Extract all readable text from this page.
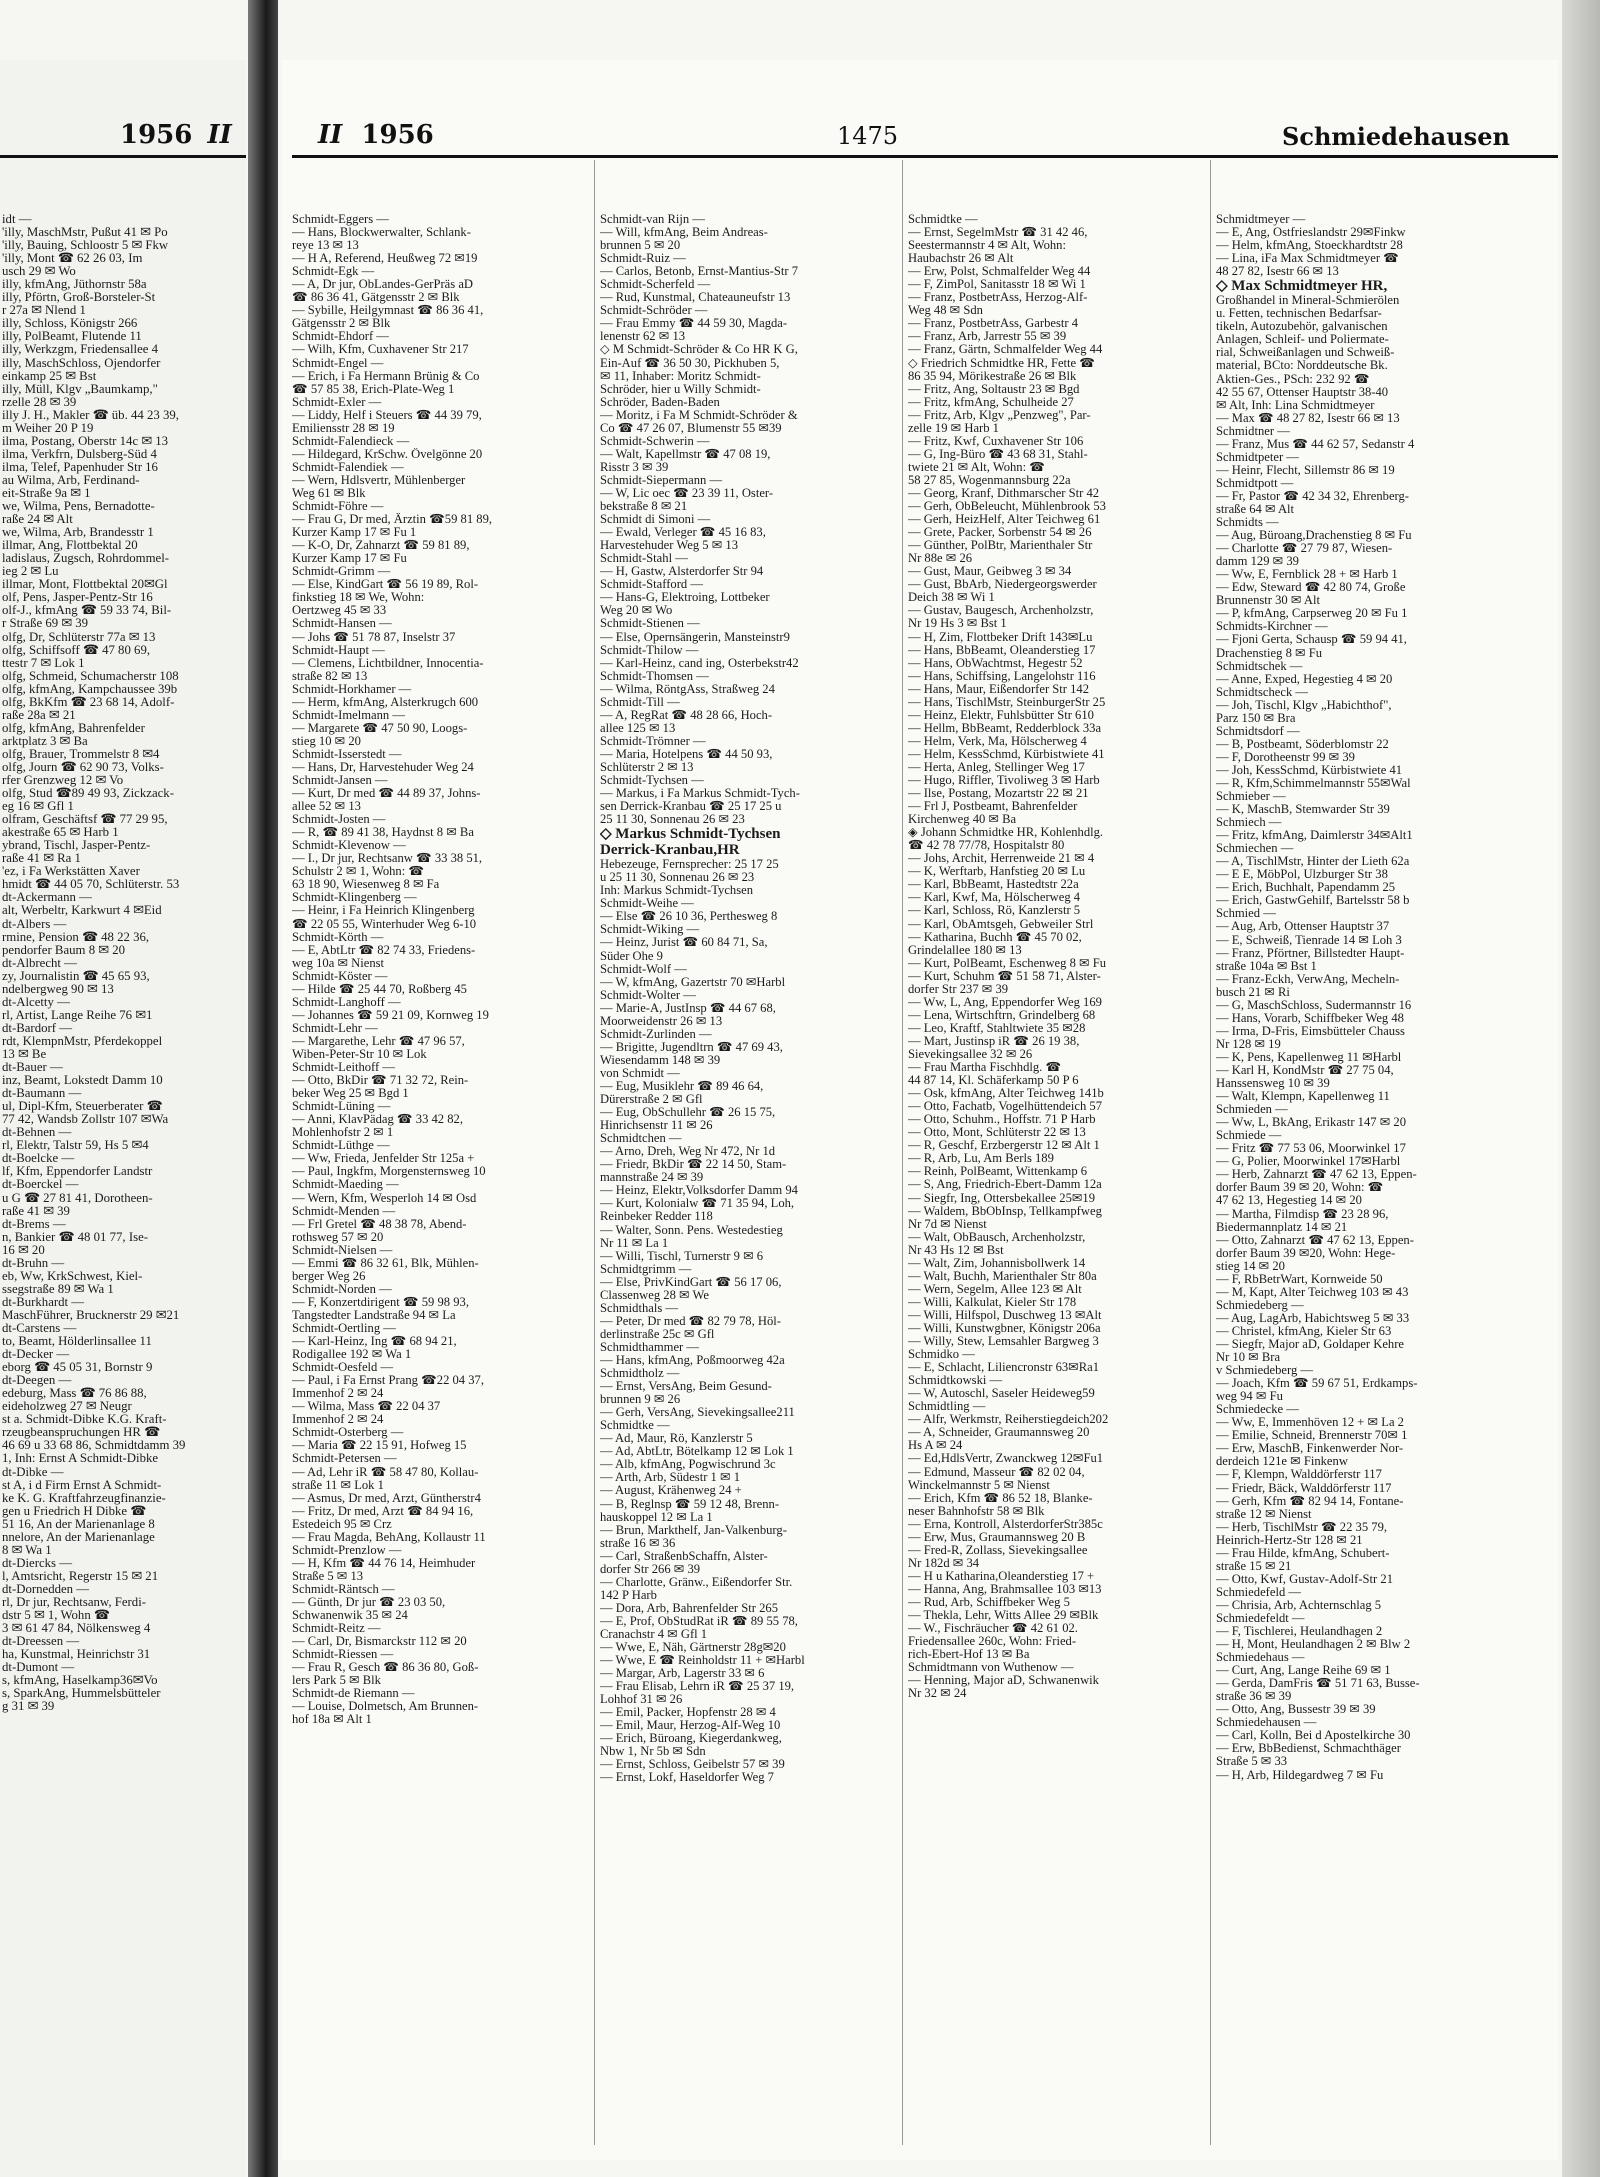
1956 II
idt —
'illy, MaschMstr, Pußut 41 ✉ Po
'illy, Bauing, Schloostr 5 ✉ Fkw
'illy, Mont ☎ 62 26 03, Im
usch 29 ✉ Wo
illy, kfmAng, Jüthornstr 58a
illy, Pförtn, Groß-Borsteler-St
r 27a ✉ Nlend 1
illy, Schloss, Königstr 266
illy, PolBeamt, Flutende 11
illy, Werkzgm, Friedensallee 4
illy, MaschSchloss, Ojendorfer
einkamp 25 ✉ Bst
illy, Müll, Klgv „Baumkamp,"
rzelle 28 ✉ 39
illy J. H., Makler ☎ üb. 44 23 39,
m Weiher 20 P 19
ilma, Postang, Oberstr 14c ✉ 13
ilma, Verkfrn, Dulsberg-Süd 4
ilma, Telef, Papenhuder Str 16
au Wilma, Arb, Ferdinand-
eit-Straße 9a ✉ 1
we, Wilma, Pens, Bernadotte-
raße 24 ✉ Alt
we, Wilma, Arb, Brandesstr 1
illmar, Ang, Flottbektal 20
ladislaus, Zugsch, Rohrdommel-
ieg 2 ✉ Lu
illmar, Mont, Flottbektal 20✉Gl
olf, Pens, Jasper-Pentz-Str 16
olf-J., kfmAng ☎ 59 33 74, Bil-
r Straße 69 ✉ 39
olfg, Dr, Schlüterstr 77a ✉ 13
olfg, Schiffsoff ☎ 47 80 69,
ttestr 7 ✉ Lok 1
olfg, Schmeid, Schumacherstr 108
olfg, kfmAng, Kampchaussee 39b
olfg, BkKfm ☎ 23 68 14, Adolf-
raße 28a ✉ 21
olfg, kfmAng, Bahrenfelder
arktplatz 3 ✉ Ba
olfg, Brauer, Trommelstr 8 ✉4
olfg, Journ ☎ 62 90 73, Volks-
rfer Grenzweg 12 ✉ Vo
olfg, Stud ☎89 49 93, Zickzack-
eg 16 ✉ Gfl 1
olfram, Geschäftsf ☎ 77 29 95,
akestraße 65 ✉ Harb 1
ybrand, Tischl, Jasper-Pentz-
raße 41 ✉ Ra 1
'ez, i Fa Werkstätten Xaver
hmidt ☎ 44 05 70, Schlüterstr. 53
dt-Ackermann —
alt, Werbeltr, Karkwurt 4 ✉Eid
dt-Albers —
rmine, Pension ☎ 48 22 36,
pendorfer Baum 8 ✉ 20
dt-Albrecht —
zy, Journalistin ☎ 45 65 93,
ndelbergweg 90 ✉ 13
dt-Alcetty —
rl, Artist, Lange Reihe 76 ✉1
dt-Bardorf —
rdt, KlempnMstr, Pferdekoppel
13 ✉ Be
dt-Bauer —
inz, Beamt, Lokstedt Damm 10
dt-Baumann —
ul, Dipl-Kfm, Steuerberater ☎
77 42, Wandsb Zollstr 107 ✉Wa
dt-Behnen —
rl, Elektr, Talstr 59, Hs 5 ✉4
dt-Boelcke —
lf, Kfm, Eppendorfer Landstr
dt-Boerckel —
u G ☎ 27 81 41, Dorotheen-
raße 41 ✉ 39
dt-Brems —
n, Bankier ☎ 48 01 77, Ise-
16 ✉ 20
dt-Bruhn —
eb, Ww, KrkSchwest, Kiel-
ssegstraße 89 ✉ Wa 1
dt-Burkhardt —
MaschFührer, Brucknerstr 29 ✉21
dt-Carstens —
to, Beamt, Hölderlinsallee 11
dt-Decker —
eborg ☎ 45 05 31, Bornstr 9
dt-Deegen —
edeburg, Mass ☎ 76 86 88,
eideholzweg 27 ✉ Neugr
st a. Schmidt-Dibke K.G. Kraft-
rzeugbeanspruchungen HR ☎
46 69 u 33 68 86, Schmidtdamm 39
1, Inh: Ernst A Schmidt-Dibke
dt-Dibke —
st A, i d Firm Ernst A Schmidt-
ke K. G. Kraftfahrzeugfinanzie-
gen u Friedrich H Dibke ☎
51 16, An der Marienanlage 8
nnelore, An der Marienanlage
8 ✉ Wa 1
dt-Diercks —
l, Amtsricht, Regerstr 15 ✉ 21
dt-Dornedden —
rl, Dr jur, Rechtsanw, Ferdi-
dstr 5 ✉ 1, Wohn ☎
3 ✉ 61 47 84, Nölkensweg 4
dt-Dreessen —
ha, Kunstmal, Heinrichstr 31
dt-Dumont —
s, kfmAng, Haselkamp36✉Vo
s, SparkAng, Hummelsbütteler
g 31 ✉ 39
II 1956	1475	Schmiedehausen
Schmidt-Eggers —
— Hans, Blockwerwalter, Schlank-
reye 13 ✉ 13
— H A, Referend, Heußweg 72 ✉19
Schmidt-Egk —
— A, Dr jur, ObLandes-GerPräs aD
☎ 86 36 41, Gätgensstr 2 ✉ Blk
— Sybille, Heilgymnast ☎ 86 36 41,
Gätgensstr 2 ✉ Blk
Schmidt-Ehdorf —
— Wilh, Kfm, Cuxhavener Str 217
Schmidt-Engel —
— Erich, i Fa Hermann Brünig & Co
☎ 57 85 38, Erich-Plate-Weg 1
Schmidt-Exler —
— Liddy, Helf i Steuers ☎ 44 39 79,
Emiliensstr 28 ✉ 19
Schmidt-Falendieck —
— Hildegard, KrSchw. Övelgönne 20
Schmidt-Falendiek —
— Wern, Hdlsvertr, Mühlenberger
Weg 61 ✉ Blk
Schmidt-Föhre —
— Frau G, Dr med, Ärztin ☎59 81 89,
Kurzer Kamp 17 ✉ Fu 1
— K-O, Dr, Zahnarzt ☎ 59 81 89,
Kurzer Kamp 17 ✉ Fu
Schmidt-Grimm —
— Else, KindGart ☎ 56 19 89, Rol-
finkstieg 18 ✉ We, Wohn:
Oertzweg 45 ✉ 33
Schmidt-Hansen —
— Johs ☎ 51 78 87, Inselstr 37
Schmidt-Haupt —
— Clemens, Lichtbildner, Innocentia-
straße 82 ✉ 13
Schmidt-Horkhamer —
— Herm, kfmAng, Alsterkrugch 600
Schmidt-Imelmann —
— Margarete ☎ 47 50 90, Loogs-
stieg 10 ✉ 20
Schmidt-Isserstedt —
— Hans, Dr, Harvestehuder Weg 24
Schmidt-Jansen —
— Kurt, Dr med ☎ 44 89 37, Johns-
allee 52 ✉ 13
Schmidt-Josten —
— R, ☎ 89 41 38, Haydnst 8 ✉ Ba
Schmidt-Klevenow —
— I., Dr jur, Rechtsanw ☎ 33 38 51,
Schulstr 2 ✉ 1, Wohn: ☎
63 18 90, Wiesenweg 8 ✉ Fa
Schmidt-Klingenberg —
— Heinr, i Fa Heinrich Klingenberg
☎ 22 05 55, Winterhuder Weg 6-10
Schmidt-Körth —
— E, AbtLtr ☎ 82 74 33, Friedens-
weg 10a ✉ Nienst
Schmidt-Köster —
— Hilde ☎ 25 44 70, Roßberg 45
Schmidt-Langhoff —
— Johannes ☎ 59 21 09, Kornweg 19
Schmidt-Lehr —
— Margarethe, Lehr ☎ 47 96 57,
Wiben-Peter-Str 10 ✉ Lok
Schmidt-Leithoff —
— Otto, BkDir ☎ 71 32 72, Rein-
beker Weg 25 ✉ Bgd 1
Schmidt-Lüning —
— Anni, KlavPädag ☎ 33 42 82,
Mohlenhofstr 2 ✉ 1
Schmidt-Lüthge —
— Ww, Frieda, Jenfelder Str 125a +
— Paul, Ingkfm, Morgensternsweg 10
Schmidt-Maeding —
— Wern, Kfm, Wesperloh 14 ✉ Osd
Schmidt-Menden —
— Frl Gretel ☎ 48 38 78, Abend-
rothsweg 57 ✉ 20
Schmidt-Nielsen —
— Emmi ☎ 86 32 61, Blk, Mühlen-
berger Weg 26
Schmidt-Norden —
— F, Konzertdirigent ☎ 59 98 93,
Tangstedter Landstraße 94 ✉ La
Schmidt-Oertling —
— Karl-Heinz, Ing ☎ 68 94 21,
Rodigallee 192 ✉ Wa 1
Schmidt-Oesfeld —
— Paul, i Fa Ernst Prang ☎22 04 37,
Immenhof 2 ✉ 24
— Wilma, Mass ☎ 22 04 37
Immenhof 2 ✉ 24
Schmidt-Osterberg —
— Maria ☎ 22 15 91, Hofweg 15
Schmidt-Petersen —
— Ad, Lehr iR ☎ 58 47 80, Kollau-
straße 11 ✉ Lok 1
— Asmus, Dr med, Arzt, Güntherstr4
— Fritz, Dr med, Arzt ☎ 84 94 16,
Estedeich 95 ✉ Crz
— Frau Magda, BehAng, Kollaustr 11
Schmidt-Prenzlow —
— H, Kfm ☎ 44 76 14, Heimhuder
Straße 5 ✉ 13
Schmidt-Räntsch —
— Günth, Dr jur ☎ 23 03 50,
Schwanenwik 35 ✉ 24
Schmidt-Reitz —
— Carl, Dr, Bismarckstr 112 ✉ 20
Schmidt-Riessen —
— Frau R, Gesch ☎ 86 36 80, Goß-
lers Park 5 ✉ Blk
Schmidt-de Riemann —
— Louise, Dolmetsch, Am Brunnen-
hof 18a ✉ Alt 1
Schmidt-van Rijn —
— Will, kfmAng, Beim Andreas-
brunnen 5 ✉ 20
Schmidt-Ruiz —
— Carlos, Betonb, Ernst-Mantius-Str 7
Schmidt-Scherfeld —
— Rud, Kunstmal, Chateauneufstr 13
Schmidt-Schröder —
— Frau Emmy ☎ 44 59 30, Magda-
lenenstr 62 ✉ 13
◇ M Schmidt-Schröder & Co HR K G,
Ein-Auf ☎ 36 50 30, Pickhuben 5,
✉ 11, Inhaber: Moritz Schmidt-
Schröder, hier u Willy Schmidt-
Schröder, Baden-Baden
— Moritz, i Fa M Schmidt-Schröder &
Co ☎ 47 26 07, Blumenstr 55 ✉39
Schmidt-Schwerin —
— Walt, Kapellmstr ☎ 47 08 19,
Risstr 3 ✉ 39
Schmidt-Siepermann —
— W, Lic oec ☎ 23 39 11, Oster-
bekstraße 8 ✉ 21
Schmidt di Simoni —
— Ewald, Verleger ☎ 45 16 83,
Harvestehuder Weg 5 ✉ 13
Schmidt-Stahl —
— H, Gastw, Alsterdorfer Str 94
Schmidt-Stafford —
— Hans-G, Elektroing, Lottbeker
Weg 20 ✉ Wo
Schmidt-Stienen —
— Else, Opernsängerin, Mansteinstr9
Schmidt-Thilow —
— Karl-Heinz, cand ing, Osterbekstr42
Schmidt-Thomsen —
— Wilma, RöntgAss, Straßweg 24
Schmidt-Till —
— A, RegRat ☎ 48 28 66, Hoch-
allee 125 ✉ 13
Schmidt-Trömner —
— Maria, Hotelpens ☎ 44 50 93,
Schlüterstr 2 ✉ 13
Schmidt-Tychsen —
— Markus, i Fa Markus Schmidt-Tych-
sen Derrick-Kranbau ☎ 25 17 25 u
25 11 30, Sonnenau 26 ✉ 23
◇ Markus Schmidt-Tychsen
Derrick-Kranbau,HR
Hebezeuge, Fernsprecher: 25 17 25
u 25 11 30, Sonnenau 26 ✉ 23
Inh: Markus Schmidt-Tychsen
Schmidt-Weihe —
— Else ☎ 26 10 36, Perthesweg 8
Schmidt-Wiking —
— Heinz, Jurist ☎ 60 84 71, Sa,
Süder Ohe 9
Schmidt-Wolf —
— W, kfmAng, Gazertstr 70 ✉Harbl
Schmidt-Wolter —
— Marie-A, JustInsp ☎ 44 67 68,
Moorweidenstr 26 ✉ 13
Schmidt-Zurlinden —
— Brigitte, Jugendltrn ☎ 47 69 43,
Wiesendamm 148 ✉ 39
von Schmidt —
— Eug, Musiklehr ☎ 89 46 64,
Dürerstraße 2 ✉ Gfl
— Eug, ObSchullehr ☎ 26 15 75,
Hinrichsenstr 11 ✉ 26
Schmidtchen —
— Arno, Dreh, Weg Nr 472, Nr 1d
— Friedr, BkDir ☎ 22 14 50, Stam-
mannstraße 24 ✉ 39
— Heinz, Elektr,Volksdorfer Damm 94
— Kurt, Kolonialw ☎ 71 35 94, Loh,
Reinbeker Redder 118
— Walter, Sonn. Pens. Westedestieg
Nr 11 ✉ La 1
— Willi, Tischl, Turnerstr 9 ✉ 6
Schmidtgrimm —
— Else, PrivKindGart ☎ 56 17 06,
Classenweg 28 ✉ We
Schmidthals —
— Peter, Dr med ☎ 82 79 78, Höl-
derlinstraße 25c ✉ Gfl
Schmidthammer —
— Hans, kfmAng, Poßmoorweg 42a
Schmidtholz —
— Ernst, VersAng, Beim Gesund-
brunnen 9 ✉ 26
— Gerh, VersAng, Sievekingsallee211
Schmidtke —
— Ad, Maur, Rö, Kanzlerstr 5
— Ad, AbtLtr, Bötelkamp 12 ✉ Lok 1
— Alb, kfmAng, Pogwischrund 3c
— Arth, Arb, Südestr 1 ✉ 1
— August, Krähenweg 24 +
— B, Reglnsp ☎ 59 12 48, Brenn-
hauskoppel 12 ✉ La 1
— Brun, Markthelf, Jan-Valkenburg-
straße 16 ✉ 36
— Carl, StraßenbSchaffn, Alster-
dorfer Str 266 ✉ 39
— Charlotte, Gränw., Eißendorfer Str.
142 P Harb
— Dora, Arb, Bahrenfelder Str 265
— E, Prof, ObStudRat iR ☎ 89 55 78,
Cranachstr 4 ✉ Gfl 1
— Wwe, E, Näh, Gärtnerstr 28g✉20
— Wwe, E ☎ Reinholdstr 11 + ✉Harbl
— Margar, Arb, Lagerstr 33 ✉ 6
— Frau Elisab, Lehrn iR ☎ 25 37 19,
Lohhof 31 ✉ 26
— Emil, Packer, Hopfenstr 28 ✉ 4
— Emil, Maur, Herzog-Alf-Weg 10
— Erich, Büroang, Kiegerdankweg,
Nbw 1, Nr 5b ✉ Sdn
— Ernst, Schloss, Geibelstr 57 ✉ 39
— Ernst, Lokf, Haseldorfer Weg 7
Schmidtke —
— Ernst, SegelmMstr ☎ 31 42 46,
Seestermannstr 4 ✉ Alt, Wohn:
Haubachstr 26 ✉ Alt
— Erw, Polst, Schmalfelder Weg 44
— F, ZimPol, Sanitasstr 18 ✉ Wi 1
— Franz, PostbetrAss, Herzog-Alf-
Weg 48 ✉ Sdn
— Franz, PostbetrAss, Garbestr 4
— Franz, Arb, Jarrestr 55 ✉ 39
— Franz, Gärtn, Schmalfelder Weg 44
◇ Friedrich Schmidtke HR, Fette ☎
86 35 94, Mörikestraße 26 ✉ Blk
— Fritz, Ang, Soltaustr 23 ✉ Bgd
— Fritz, kfmAng, Schulheide 27
— Fritz, Arb, Klgv „Penzweg", Par-
zelle 19 ✉ Harb 1
— Fritz, Kwf, Cuxhavener Str 106
— G, Ing-Büro ☎ 43 68 31, Stahl-
twiete 21 ✉ Alt, Wohn: ☎
58 27 85, Wogenmannsburg 22a
— Georg, Kranf, Dithmarscher Str 42
— Gerh, ObBeleucht, Mühlenbrook 53
— Gerh, HeizHelf, Alter Teichweg 61
— Grete, Packer, Sorbenstr 54 ✉ 26
— Günther, PolBtr, Marienthaler Str
Nr 88e ✉ 26
— Gust, Maur, Geibweg 3 ✉ 34
— Gust, BbArb, Niedergeorgswerder
Deich 38 ✉ Wi 1
— Gustav, Baugesch, Archenholzstr,
Nr 19 Hs 3 ✉ Bst 1
— H, Zim, Flottbeker Drift 143✉Lu
— Hans, BbBeamt, Oleanderstieg 17
— Hans, ObWachtmst, Hegestr 52
— Hans, Schiffsing, Langelohstr 116
— Hans, Maur, Eißendorfer Str 142
— Hans, TischlMstr, SteinburgerStr 25
— Heinz, Elektr, Fuhlsbütter Str 610
— Hellm, BbBeamt, Redderblock 33a
— Helm, Verk, Ma, Hölscherweg 4
— Helm, KessSchmd, Kürbistwiete 41
— Herta, Anleg, Stellinger Weg 17
— Hugo, Riffler, Tivoliweg 3 ✉ Harb
— Ilse, Postang, Mozartstr 22 ✉ 21
— Frl J, Postbeamt, Bahrenfelder
Kirchenweg 40 ✉ Ba
◈ Johann Schmidtke HR, Kohlenhdlg.
☎ 42 78 77/78, Hospitalstr 80
— Johs, Archit, Herrenweide 21 ✉ 4
— K, Werftarb, Hanfstieg 20 ✉ Lu
— Karl, BbBeamt, Hastedtstr 22a
— Karl, Kwf, Ma, Hölscherweg 4
— Karl, Schloss, Rö, Kanzlerstr 5
— Karl, ObAmtsgeh, Gebweiler Strl
— Katharina, Buchh ☎ 45 70 02,
Grindelallee 180 ✉ 13
— Kurt, PolBeamt, Eschenweg 8 ✉ Fu
— Kurt, Schuhm ☎ 51 58 71, Alster-
dorfer Str 237 ✉ 39
— Ww, L, Ang, Eppendorfer Weg 169
— Lena, Wirtschftrn, Grindelberg 68
— Leo, Kraftf, Stahltwiete 35 ✉28
— Mart, Justinsp iR ☎ 26 19 38,
Sievekingsallee 32 ✉ 26
— Frau Martha Fischhdlg. ☎
44 87 14, Kl. Schäferkamp 50 P 6
— Osk, kfmAng, Alter Teichweg 141b
— Otto, Fachatb, Vogelhüttendeich 57
— Otto, Schuhm., Hoffstr. 71 P Harb
— Otto, Mont, Schlüterstr 22 ✉ 13
— R, Geschf, Erzbergerstr 12 ✉ Alt 1
— R, Arb, Lu, Am Berls 189
— Reinh, PolBeamt, Wittenkamp 6
— S, Ang, Friedrich-Ebert-Damm 12a
— Siegfr, Ing, Ottersbekallee 25✉19
— Waldem, BbObInsp, Tellkampfweg
Nr 7d ✉ Nienst
— Walt, ObBausch, Archenholzstr,
Nr 43 Hs 12 ✉ Bst
— Walt, Zim, Johannisbollwerk 14
— Walt, Buchh, Marienthaler Str 80a
— Wern, Segelm, Allee 123 ✉ Alt
— Willi, Kalkulat, Kieler Str 178
— Willi, Hilfspol, Duschweg 13 ✉Alt
— Willi, Kunstwgbner, Königstr 206a
— Willy, Stew, Lemsahler Bargweg 3
Schmidko —
— E, Schlacht, Liliencronstr 63✉Ra1
Schmidtkowski —
— W, Autoschl, Saseler Heideweg59
Schmidtling —
— Alfr, Werkmstr, Reiherstiegdeich202
— A, Schneider, Graumannsweg 20
Hs A ✉ 24
— Ed,HdlsVertr, Zwanckweg 12✉Fu1
— Edmund, Masseur ☎ 82 02 04,
Winckelmannstr 5 ✉ Nienst
— Erich, Kfm ☎ 86 52 18, Blanke-
neser Bahnhofstr 58 ✉ Blk
— Erna, Kontroll, AlsterdorferStr385c
— Erw, Mus, Graumannsweg 20 B
— Fred-R, Zollass, Sievekingsallee
Nr 182d ✉ 34
— H u Katharina,Oleanderstieg 17 +
— Hanna, Ang, Brahmsallee 103 ✉13
— Rud, Arb, Schiffbeker Weg 5
— Thekla, Lehr, Witts Allee 29 ✉Blk
— W., Fischräucher ☎ 42 61 02.
Friedensallee 260c, Wohn: Fried-
rich-Ebert-Hof 13 ✉ Ba
Schmidtmann von Wuthenow —
— Henning, Major aD, Schwanenwik
Nr 32 ✉ 24
Schmidtmeyer —
— E, Ang, Ostfrieslandstr 29✉Finkw
— Helm, kfmAng, Stoeckhardtstr 28
— Lina, iFa Max Schmidtmeyer ☎
48 27 82, Isestr 66 ✉ 13
◇ Max Schmidtmeyer HR,
Großhandel in Mineral-Schmierölen
u. Fetten, technischen Bedarfsar-
tikeln, Autozubehör, galvanischen
Anlagen, Schleif- und Poliermate-
rial, Schweißanlagen und Schweiß-
material, BCto: Norddeutsche Bk.
Aktien-Ges., PSch: 232 92 ☎
42 55 67, Ottenser Hauptstr 38-40
✉ Alt, Inh: Lina Schmidtmeyer
— Max ☎ 48 27 82, Isestr 66 ✉ 13
Schmidtner —
— Franz, Mus ☎ 44 62 57, Sedanstr 4
Schmidtpeter —
— Heinr, Flecht, Sillemstr 86 ✉ 19
Schmidtpott —
— Fr, Pastor ☎ 42 34 32, Ehrenberg-
straße 64 ✉ Alt
Schmidts —
— Aug, Büroang,Drachenstieg 8 ✉ Fu
— Charlotte ☎ 27 79 87, Wiesen-
damm 129 ✉ 39
— Ww, E, Fernblick 28 + ✉ Harb 1
— Edw, Steward ☎ 42 80 74, Große
Brunnenstr 30 ✉ Alt
— P, kfmAng, Carpserweg 20 ✉ Fu 1
Schmidts-Kirchner —
— Fjoni Gerta, Schausp ☎ 59 94 41,
Drachenstieg 8 ✉ Fu
Schmidtschek —
— Anne, Exped, Hegestieg 4 ✉ 20
Schmidtscheck —
— Joh, Tischl, Klgv „Habichthof",
Parz 150 ✉ Bra
Schmidtsdorf —
— B, Postbeamt, Söderblomstr 22
— F, Dorotheenstr 99 ✉ 39
— Joh, KessSchmd, Kürbistwiete 41
— R, Kfm,Schimmelmannstr 55✉Wal
Schmieber —
— K, MaschB, Stemwarder Str 39
Schmiech —
— Fritz, kfmAng, Daimlerstr 34✉Alt1
Schmiechen —
— A, TischlMstr, Hinter der Lieth 62a
— E E, MöbPol, Ulzburger Str 38
— Erich, Buchhalt, Papendamm 25
— Erich, GastwGehilf, Bartelsstr 58 b
Schmied —
— Aug, Arb, Ottenser Hauptstr 37
— E, Schweiß, Tienrade 14 ✉ Loh 3
— Franz, Pförtner, Billstedter Haupt-
straße 104a ✉ Bst 1
— Franz-Eckh, VerwAng, Mecheln-
busch 21 ✉ Ri
— G, MaschSchloss, Sudermannstr 16
— Hans, Vorarb, Schiffbeker Weg 48
— Irma, D-Fris, Eimsbütteler Chauss
Nr 128 ✉ 19
— K, Pens, Kapellenweg 11 ✉Harbl
— Karl H, KondMstr ☎ 27 75 04,
Hanssensweg 10 ✉ 39
— Walt, Klempn, Kapellenweg 11
Schmieden —
— Ww, L, BkAng, Erikastr 147 ✉ 20
Schmiede —
— Fritz ☎ 77 53 06, Moorwinkel 17
— G, Polier, Moorwinkel 17✉Harbl
— Herb, Zahnarzt ☎ 47 62 13, Eppen-
dorfer Baum 39 ✉ 20, Wohn: ☎
47 62 13, Hegestieg 14 ✉ 20
— Martha, Filmdisp ☎ 23 28 96,
Biedermannplatz 14 ✉ 21
— Otto, Zahnarzt ☎ 47 62 13, Eppen-
dorfer Baum 39 ✉20, Wohn: Hege-
stieg 14 ✉ 20
— F, RbBetrWart, Kornweide 50
— M, Kapt, Alter Teichweg 103 ✉ 43
Schmiedeberg —
— Aug, LagArb, Habichtsweg 5 ✉ 33
— Christel, kfmAng, Kieler Str 63
— Siegfr, Major aD, Goldaper Kehre
Nr 10 ✉ Bra
v Schmiedeberg —
— Joach, Kfm ☎ 59 67 51, Erdkamps-
weg 94 ✉ Fu
Schmiedecke —
— Ww, E, Immenhöven 12 + ✉ La 2
— Emilie, Schneid, Brennerstr 70✉ 1
— Erw, MaschB, Finkenwerder Nor-
derdeich 121e ✉ Finkenw
— F, Klempn, Walddörferstr 117
— Friedr, Bäck, Walddörferstr 117
— Gerh, Kfm ☎ 82 94 14, Fontane-
straße 12 ✉ Nienst
— Herb, TischlMstr ☎ 22 35 79,
Heinrich-Hertz-Str 128 ✉ 21
— Frau Hilde, kfmAng, Schubert-
straße 15 ✉ 21
— Otto, Kwf, Gustav-Adolf-Str 21
Schmiedefeld —
— Chrisia, Arb, Achternschlag 5
Schmiedefeldt —
— F, Tischlerei, Heulandhagen 2
— H, Mont, Heulandhagen 2 ✉ Blw 2
Schmiedehaus —
— Curt, Ang, Lange Reihe 69 ✉ 1
— Gerda, DamFris ☎ 51 71 63, Busse-
straße 36 ✉ 39
— Otto, Ang, Bussestr 39 ✉ 39
Schmiedehausen —
— Carl, Kolln, Bei d Apostelkirche 30
— Erw, BbBedienst, Schmachthäger
Straße 5 ✉ 33
— H, Arb, Hildegardweg 7 ✉ Fu
